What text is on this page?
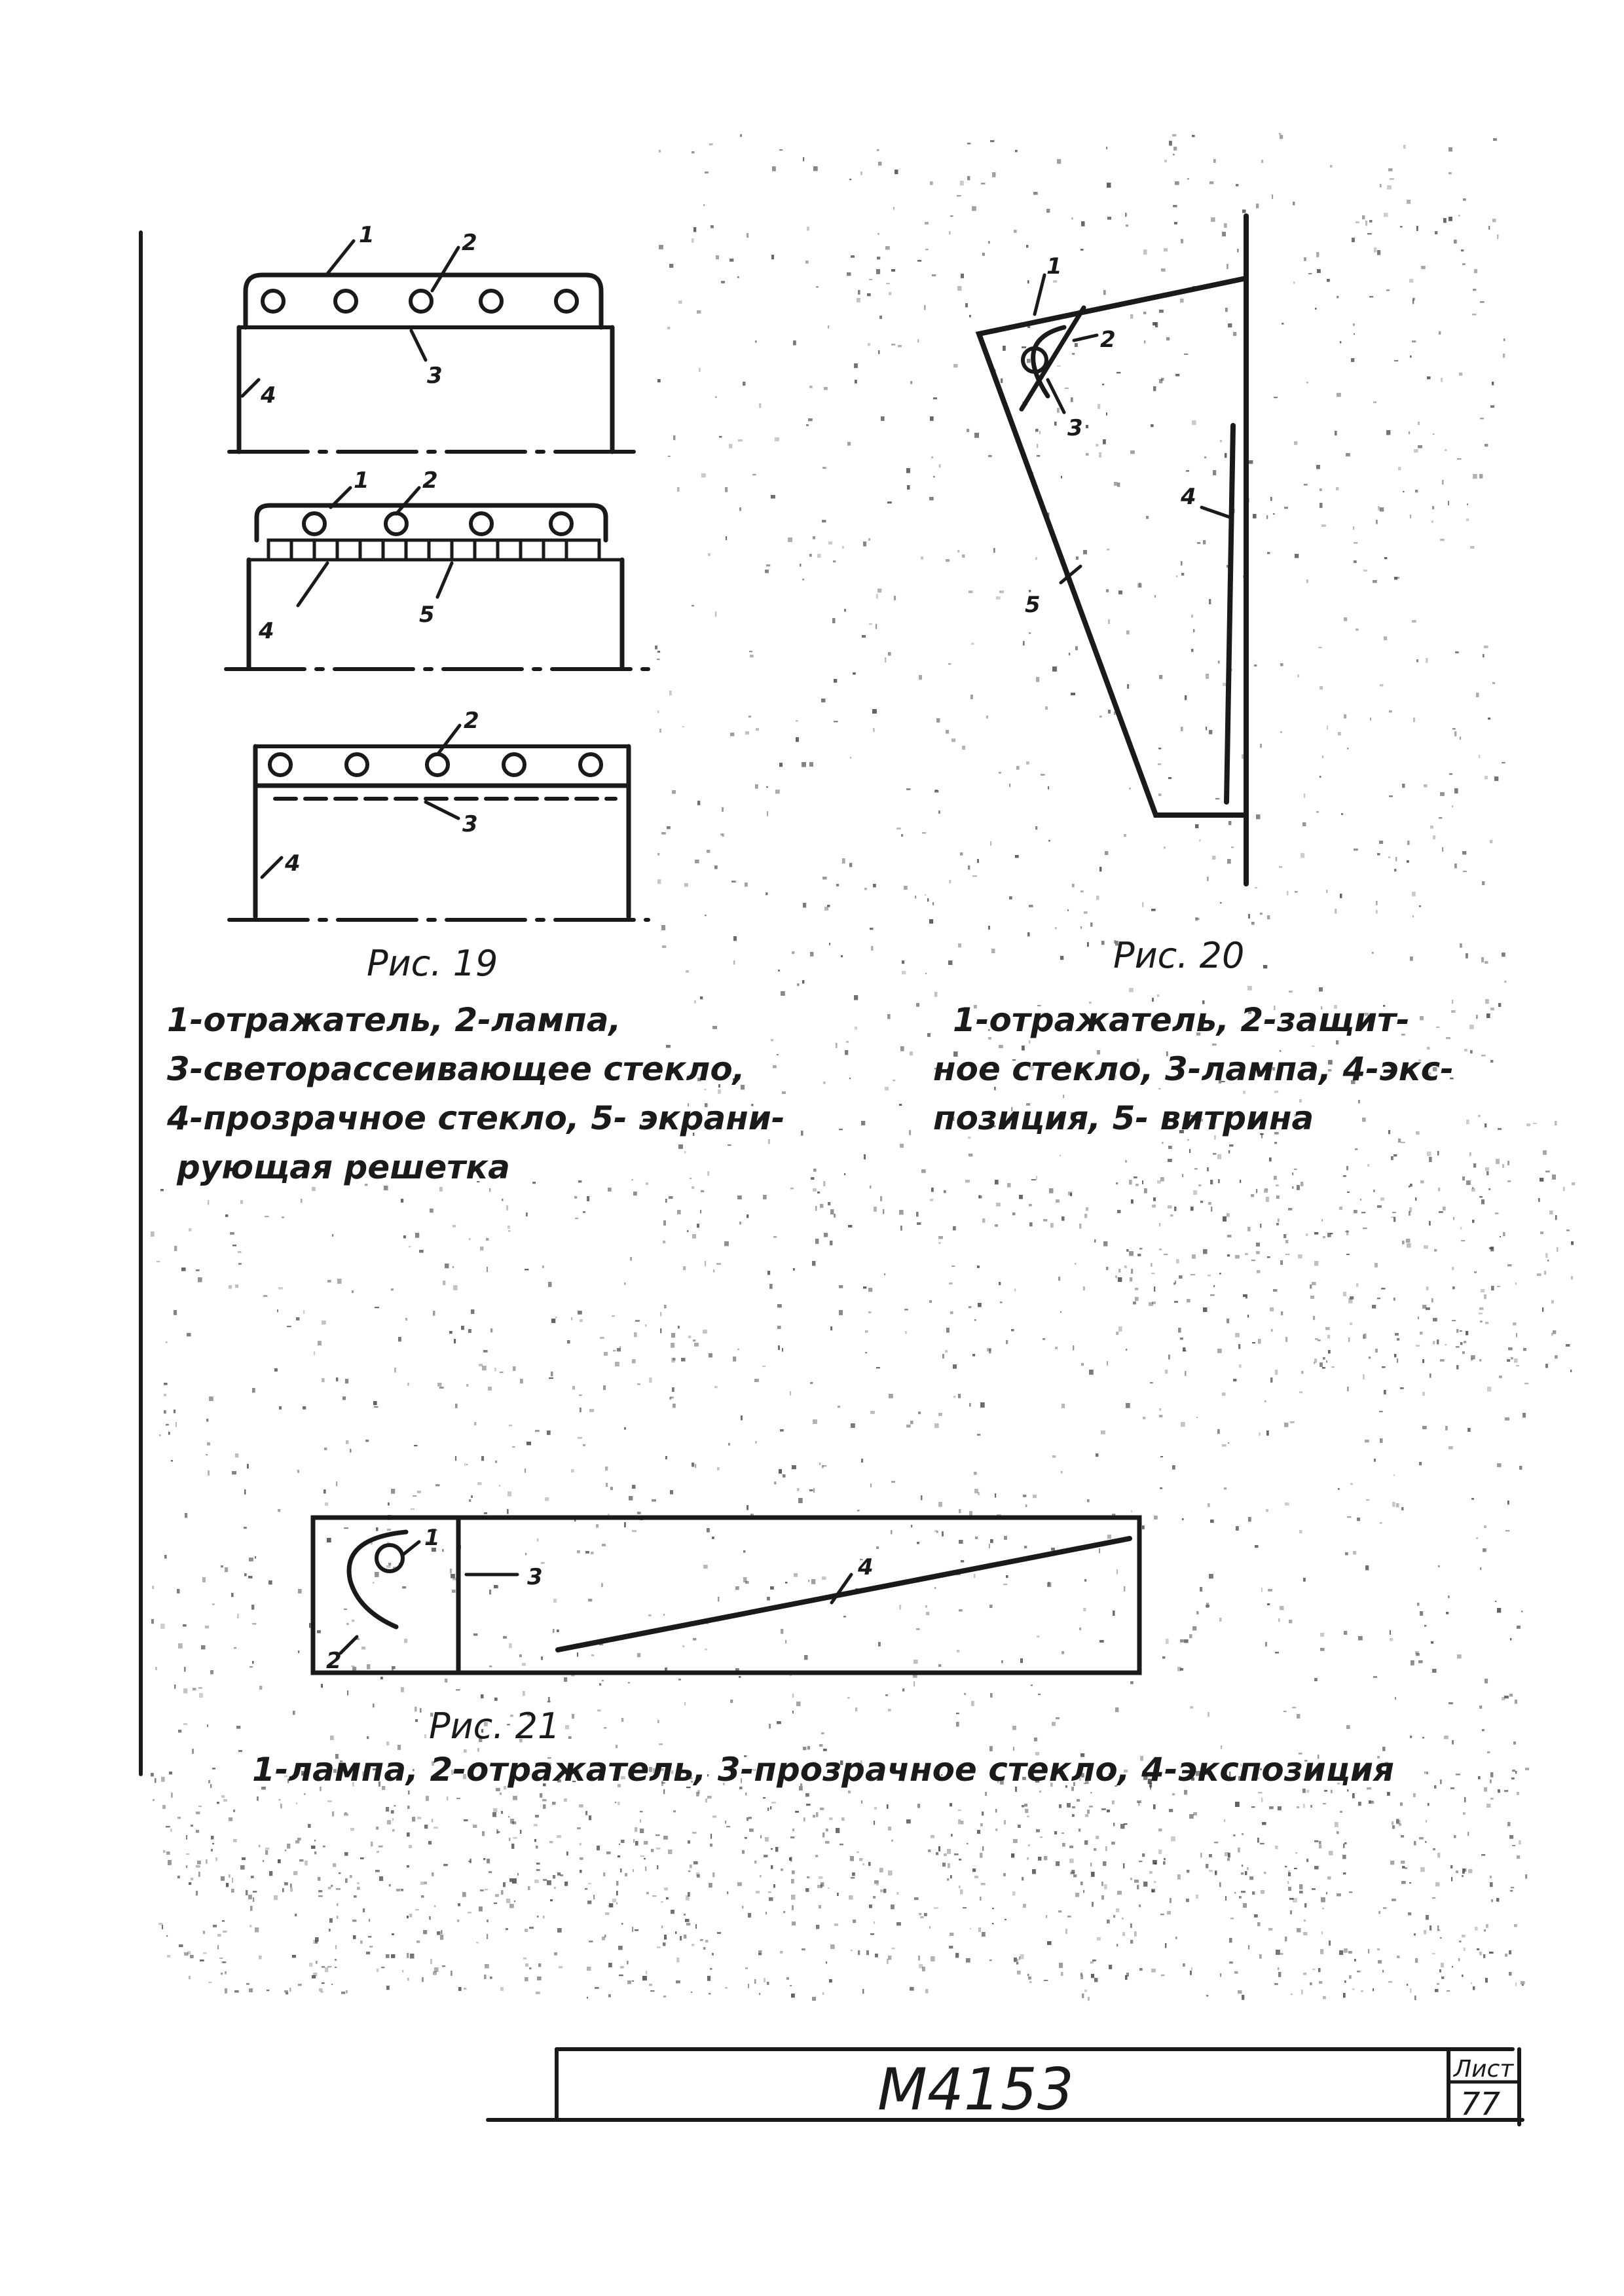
1	2
3
4
1 2
4
5
2
3
4
Рис. 19
1-отражатель, 2-лампа,
3-светорассеивающее стекло,
4-прозрачное стекло, 5- экрани-
рующая решетка
1
2
3
4
5
Рис. 20
1-отражатель, 2-защит-
ное стекло, 3-лампа, 4-экс-
позиция, 5- витрина
1
2
3	4
Рис. 21
1-лампа, 2-отражатель, 3-прозрачное стекло, 4-экспозиция
М4153	Лист
77
